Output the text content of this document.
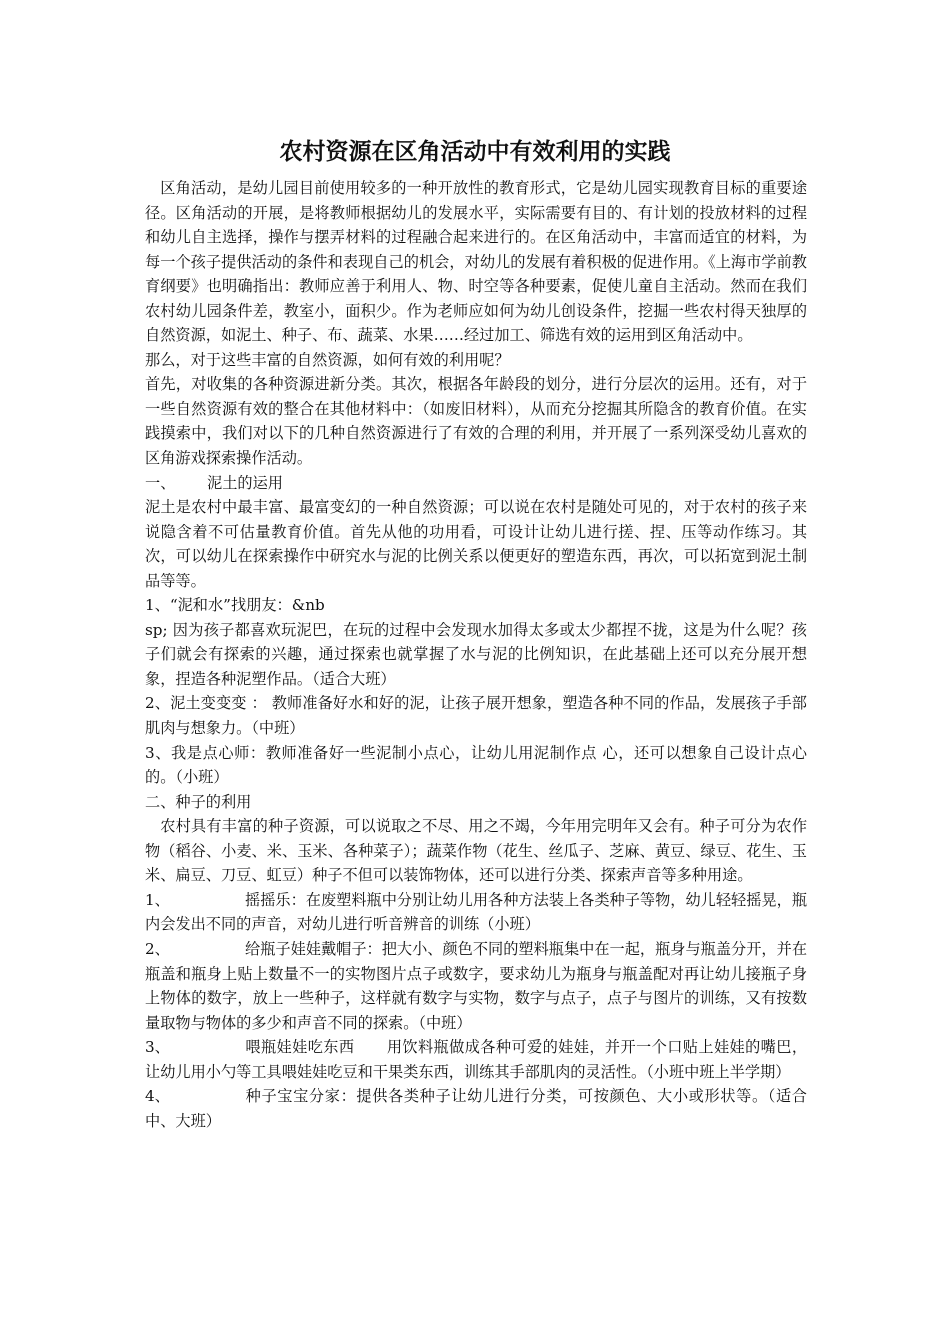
农村资源在区角活动中有效利用的实践

区角活动，是幼儿园目前使用较多的一种开放性的教育形式，它是幼儿园实现教育目标的重要途径。区角活动的开展，是将教师根据幼儿的发展水平，实际需要有目的、有计划的投放材料的过程和幼儿自主选择，操作与摆弄材料的过程融合起来进行的。在区角活动中，丰富而适宜的材料，为每一个孩子提供活动的条件和表现自己的机会，对幼儿的发展有着积极的促进作用。《上海市学前教育纲要》也明确指出：教师应善于利用人、物、时空等各种要素，促使儿童自主活动。然而在我们农村幼儿园条件差，教室小，面积少。作为老师应如何为幼儿创设条件，挖掘一些农村得天独厚的自然资源，如泥土、种子、布、蔬菜、水果……经过加工、筛选有效的运用到区角活动中。

那么，对于这些丰富的自然资源，如何有效的利用呢？

首先，对收集的各种资源进新分类。其次，根据各年龄段的划分，进行分层次的运用。还有，对于一些自然资源有效的整合在其他材料中：（如废旧材料），从而充分挖掘其所隐含的教育价值。在实践摸索中，我们对以下的几种自然资源进行了有效的合理的利用，并开展了一系列深受幼儿喜欢的区角游戏探索操作活动。

一、 泥土的运用

泥土是农村中最丰富、最富变幻的一种自然资源；可以说在农村是随处可见的，对于农村的孩子来说隐含着不可估量教育价值。首先从他的功用看，可设计让幼儿进行搓、捏、压等动作练习。其次，可以幼儿在探索操作中研究水与泥的比例关系以便更好的塑造东西，再次，可以拓宽到泥土制品等等。

1、“泥和水”找朋友：&nb

sp; 因为孩子都喜欢玩泥巴，在玩的过程中会发现水加得太多或太少都捏不拢，这是为什么呢？孩子们就会有探索的兴趣，通过探索也就掌握了水与泥的比例知识，在此基础上还可以充分展开想象，捏造各种泥塑作品。（适合大班）

2、泥土变变变 ： 教师准备好水和好的泥，让孩子展开想象，塑造各种不同的作品，发展孩子手部肌肉与想象力。（中班）

3、我是点心师：教师准备好一些泥制小点心，让幼儿用泥制作点 心，还可以想象自己设计点心的。（小班）

二、种子的利用

农村具有丰富的种子资源，可以说取之不尽、用之不竭，今年用完明年又会有。种子可分为农作物（稻谷、小麦、米、玉米、各种菜子）；蔬菜作物（花生、丝瓜子、芝麻、黄豆、绿豆、花生、玉米、扁豆、刀豆、虹豆）种子不但可以装饰物体，还可以进行分类、探索声音等多种用途。

1、	摇摇乐：在废塑料瓶中分别让幼儿用各种方法装上各类种子等物，幼儿轻轻摇晃，瓶内会发出不同的声音，对幼儿进行听音辨音的训练（小班）

2、	给瓶子娃娃戴帽子：把大小、颜色不同的塑料瓶集中在一起，瓶身与瓶盖分开，并在瓶盖和瓶身上贴上数量不一的实物图片点子或数字，要求幼儿为瓶身与瓶盖配对再让幼儿接瓶子身上物体的数字，放上一些种子，这样就有数字与实物，数字与点子，点子与图片的训练，又有按数量取物与物体的多少和声音不同的探索。（中班）

3、	喂瓶娃娃吃东西 用饮料瓶做成各种可爱的娃娃，并开一个口贴上娃娃的嘴巴，让幼儿用小勺等工具喂娃娃吃豆和干果类东西，训练其手部肌肉的灵活性。（小班中班上半学期）

4、	种子宝宝分家：提供各类种子让幼儿进行分类，可按颜色、大小或形状等。（适合中、大班）
